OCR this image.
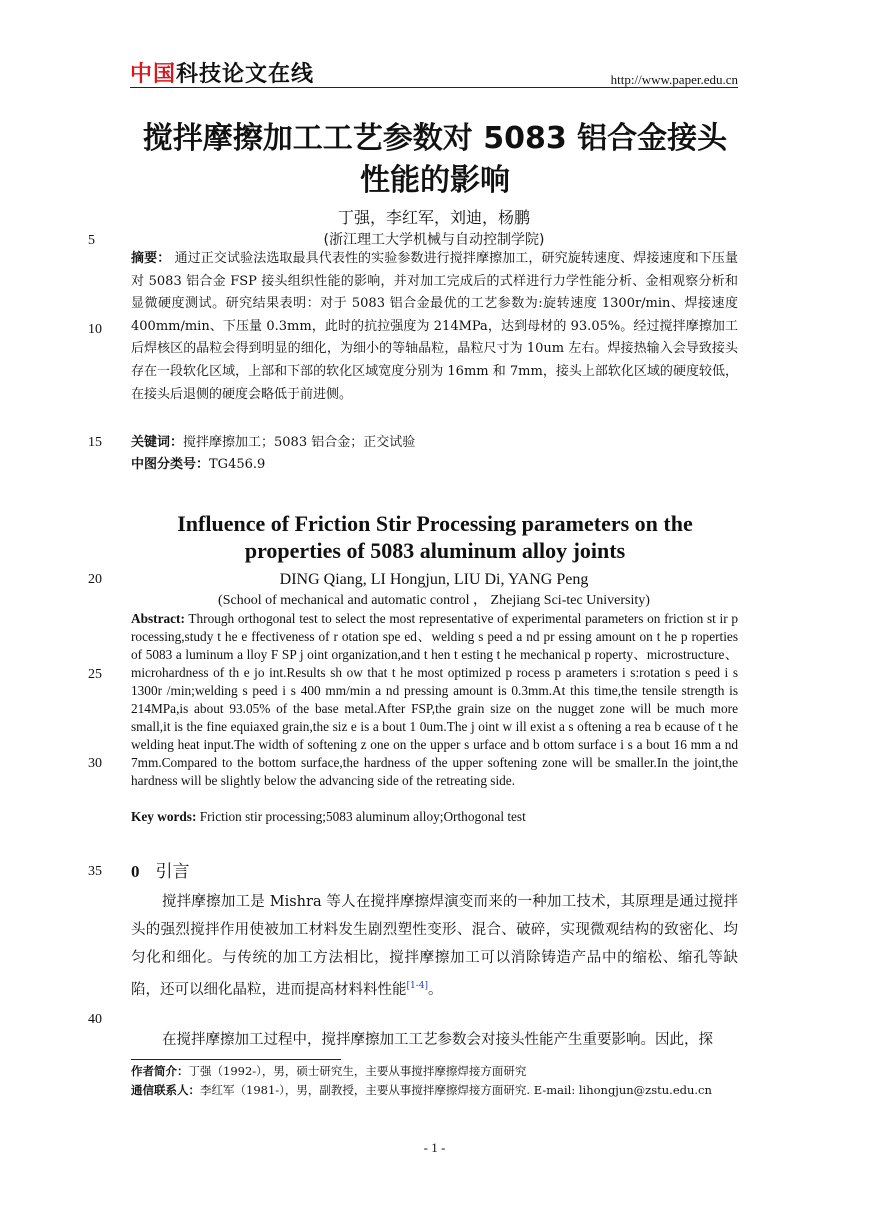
中国科技论文在线	http://www.paper.edu.cn
搅拌摩擦加工工艺参数对 5083 铝合金接头
性能的影响
丁强，李红军，刘迪，杨鹏
5	(浙江理工大学机械与自动控制学院)
摘要： 通过正交试验法选取最具代表性的实验参数进行搅拌摩擦加工，研究旋转速度、焊接速度和下压量对 5083 铝合金 FSP 接头组织性能的影响，并对加工完成后的式样进行力学性能分析、金相观察分析和显微硬度测试。研究结果表明：对于 5083 铝合金最优的工艺参数为:旋转速度 1300r/min、焊接速度 400mm/min、下压量 0.3mm，此时的抗拉强度为 214MPa，达到母材的 93.05%。经过搅拌摩擦加工后焊核区的晶粒会得到明显的细化，为细小的等轴晶粒，晶粒尺寸为 10um 左右。焊接热输入会导致接头存在一段软化区域，上部和下部的软化区域宽度分别为 16mm 和 7mm，接头上部软化区域的硬度较低，在接头后退侧的硬度会略低于前进侧。
10
15	关键词：搅拌摩擦加工；5083 铝合金；正交试验
中图分类号：TG456.9
Influence of Friction Stir Processing parameters on the
properties of 5083 aluminum alloy joints
20	DING Qiang, LI Hongjun, LIU Di, YANG Peng
(School of mechanical and automatic control ， Zhejiang Sci-tec University)
Abstract: Through orthogonal test to select the most representative of experimental parameters on friction st ir p rocessing,study t he e ffectiveness of r otation spe ed、welding s peed a nd pr essing amount on t he p roperties of 5083 a luminum a lloy F SP j oint organization,and t hen t esting t he mechanical p roperty、microstructure、microhardness of th e jo int.Results sh ow that t he most optimized p rocess p arameters i s:rotation s peed i s 1300r /min;welding s peed i s 400 mm/min a nd pressing amount is 0.3mm.At this time,the tensile strength is 214MPa,is about 93.05% of the base metal.After FSP,the grain size on the nugget zone will be much more small,it is the fine equiaxed grain,the siz e is a bout 1 0um.The j oint w ill exist a s oftening a rea b ecause of t he welding heat input.The width of softening z one on the upper s urface and b ottom surface i s a bout 16 mm a nd 7mm.Compared to the bottom surface,the hardness of the upper softening zone will be smaller.In the joint,the hardness will be slightly below the advancing side of the retreating side.
25
30
Key words: Friction stir processing;5083 aluminum alloy;Orthogonal test
35	0 引言
搅拌摩擦加工是 Mishra 等人在搅拌摩擦焊演变而来的一种加工技术，其原理是通过搅拌头的强烈搅拌作用使被加工材料发生剧烈塑性变形、混合、破碎，实现微观结构的致密化、均匀化和细化。与传统的加工方法相比，搅拌摩擦加工可以消除铸造产品中的缩松、缩孔等缺陷，还可以细化晶粒，进而提高材料料性能[1-4]。
40
在搅拌摩擦加工过程中，搅拌摩擦加工工艺参数会对接头性能产生重要影响。因此，探
作者简介：丁强（1992-），男，硕士研究生，主要从事搅拌摩擦焊接方面研究
通信联系人：李红军（1981-），男，副教授，主要从事搅拌摩擦焊接方面研究. E-mail: lihongjun@zstu.edu.cn
- 1 -
